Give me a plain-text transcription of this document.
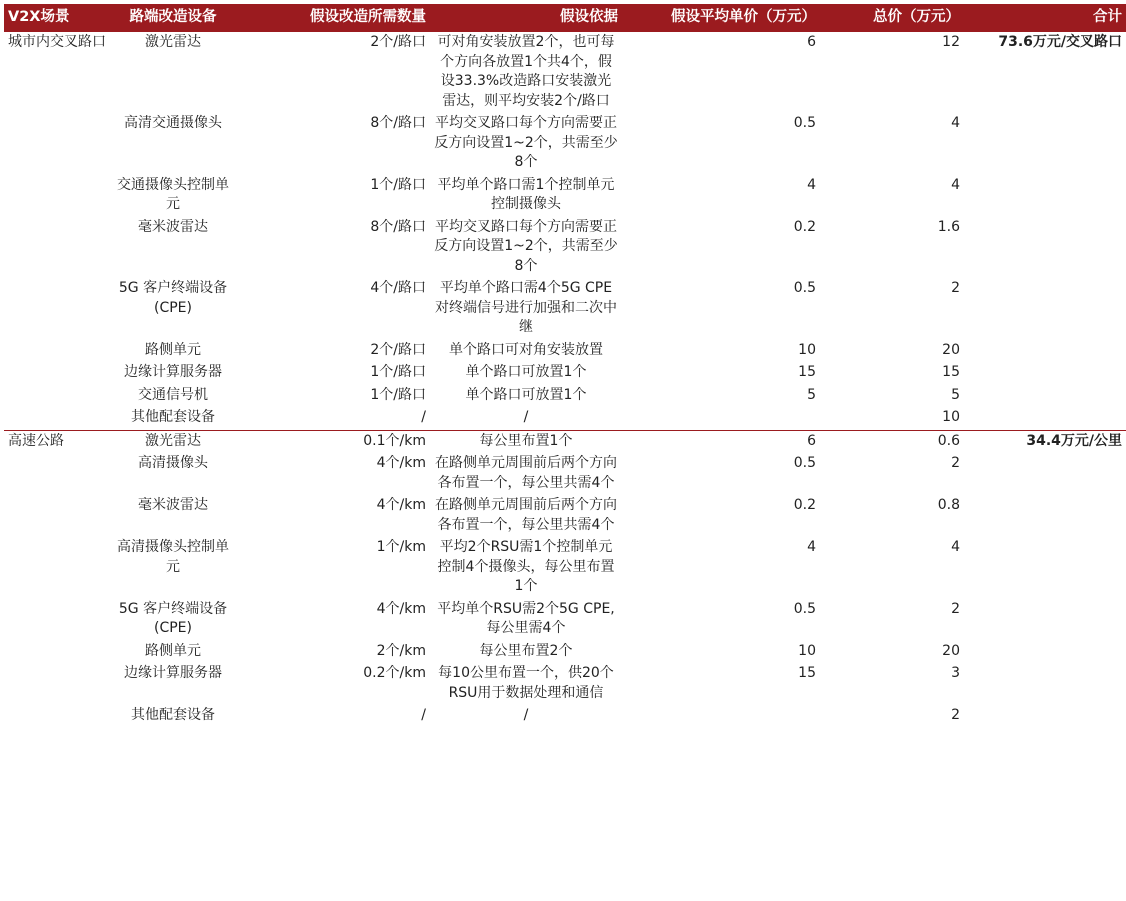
V2X场景	路端改造设备	假设改造所需数量	假设依据	假设平均单价（万元）	总价（万元）	合计
城市内交叉路口	激光雷达	2个/路口	可对角安装放置2个，也可每个方向各放置1个共4个，假设33.3%改造路口安装激光雷达，则平均安装2个/路口	6	12	73.6万元/交叉路口
	高清交通摄像头	8个/路口	平均交叉路口每个方向需要正反方向设置1~2个，共需至少8个	0.5	4	
	交通摄像头控制单元	1个/路口	平均单个路口需1个控制单元控制摄像头	4	4	
	毫米波雷达	8个/路口	平均交叉路口每个方向需要正反方向设置1~2个，共需至少8个	0.2	1.6	
	5G 客户终端设备(CPE)	4个/路口	平均单个路口需4个5G CPE对终端信号进行加强和二次中继	0.5	2	
	路侧单元	2个/路口	单个路口可对角安装放置	10	20	
	边缘计算服务器	1个/路口	单个路口可放置1个	15	15	
	交通信号机	1个/路口	单个路口可放置1个	5	5	
	其他配套设备	/	/		10	
高速公路	激光雷达	0.1个/km	每公里布置1个	6	0.6	34.4万元/公里
	高清摄像头	4个/km	在路侧单元周围前后两个方向各布置一个，每公里共需4个	0.5	2	
	毫米波雷达	4个/km	在路侧单元周围前后两个方向各布置一个，每公里共需4个	0.2	0.8	
	高清摄像头控制单元	1个/km	平均2个RSU需1个控制单元控制4个摄像头，每公里布置1个	4	4	
	5G 客户终端设备(CPE)	4个/km	平均单个RSU需2个5G CPE,每公里需4个	0.5	2	
	路侧单元	2个/km	每公里布置2个	10	20	
	边缘计算服务器	0.2个/km	每10公里布置一个，供20个RSU用于数据处理和通信	15	3	
	其他配套设备	/	/		2	
